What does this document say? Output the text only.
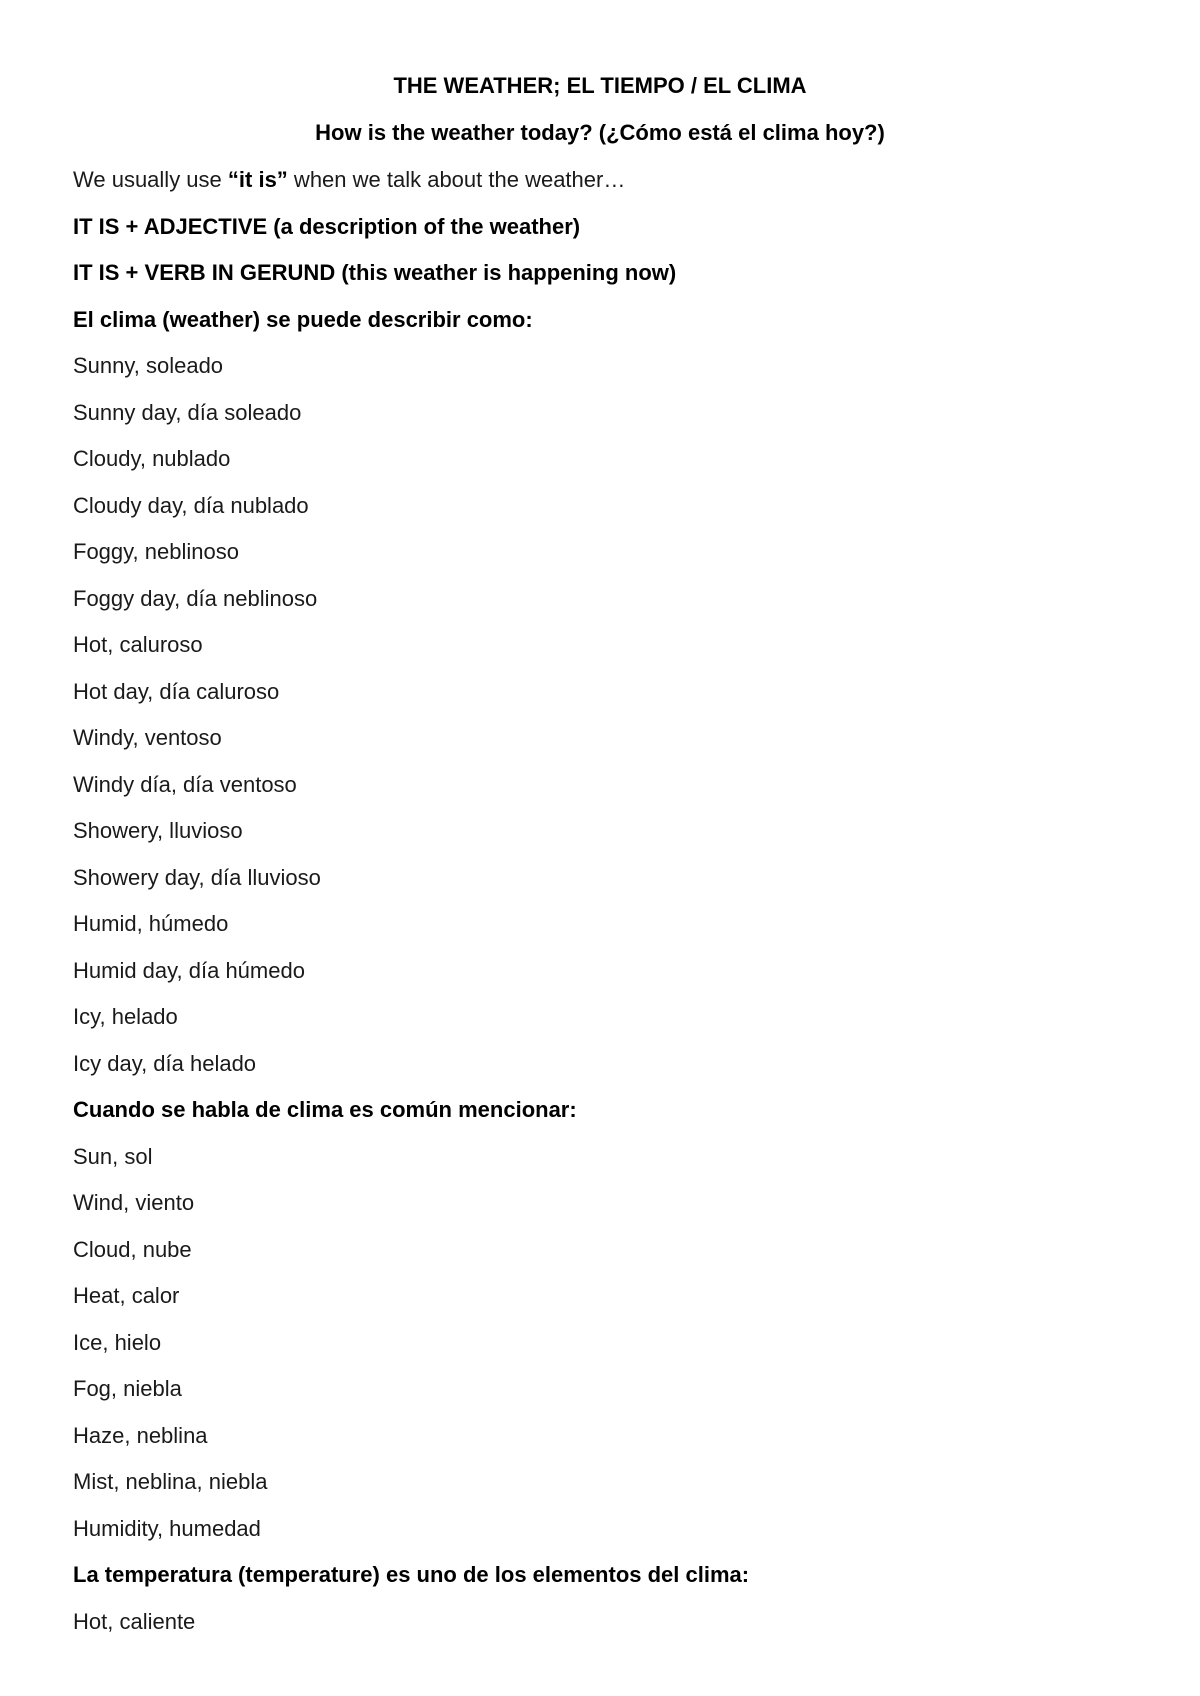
THE WEATHER; EL TIEMPO / EL CLIMA
How is the weather today? (¿Cómo está el clima hoy?)
We usually use “it is” when we talk about the weather…
IT IS + ADJECTIVE (a description of the weather)
IT IS + VERB IN GERUND (this weather is happening now)
El clima (weather) se puede describir como:
Sunny, soleado
Sunny day, día soleado
Cloudy, nublado
Cloudy day, día nublado
Foggy, neblinoso
Foggy day, día neblinoso
Hot, caluroso
Hot day, día caluroso
Windy, ventoso
Windy día, día ventoso
Showery, lluvioso
Showery day, día lluvioso
Humid, húmedo
Humid day, día húmedo
Icy, helado
Icy day, día helado
Cuando se habla de clima es común mencionar:
Sun, sol
Wind, viento
Cloud, nube
Heat, calor
Ice, hielo
Fog, niebla
Haze, neblina
Mist, neblina, niebla
Humidity, humedad
La temperatura (temperature) es uno de los elementos del clima:
Hot, caliente
